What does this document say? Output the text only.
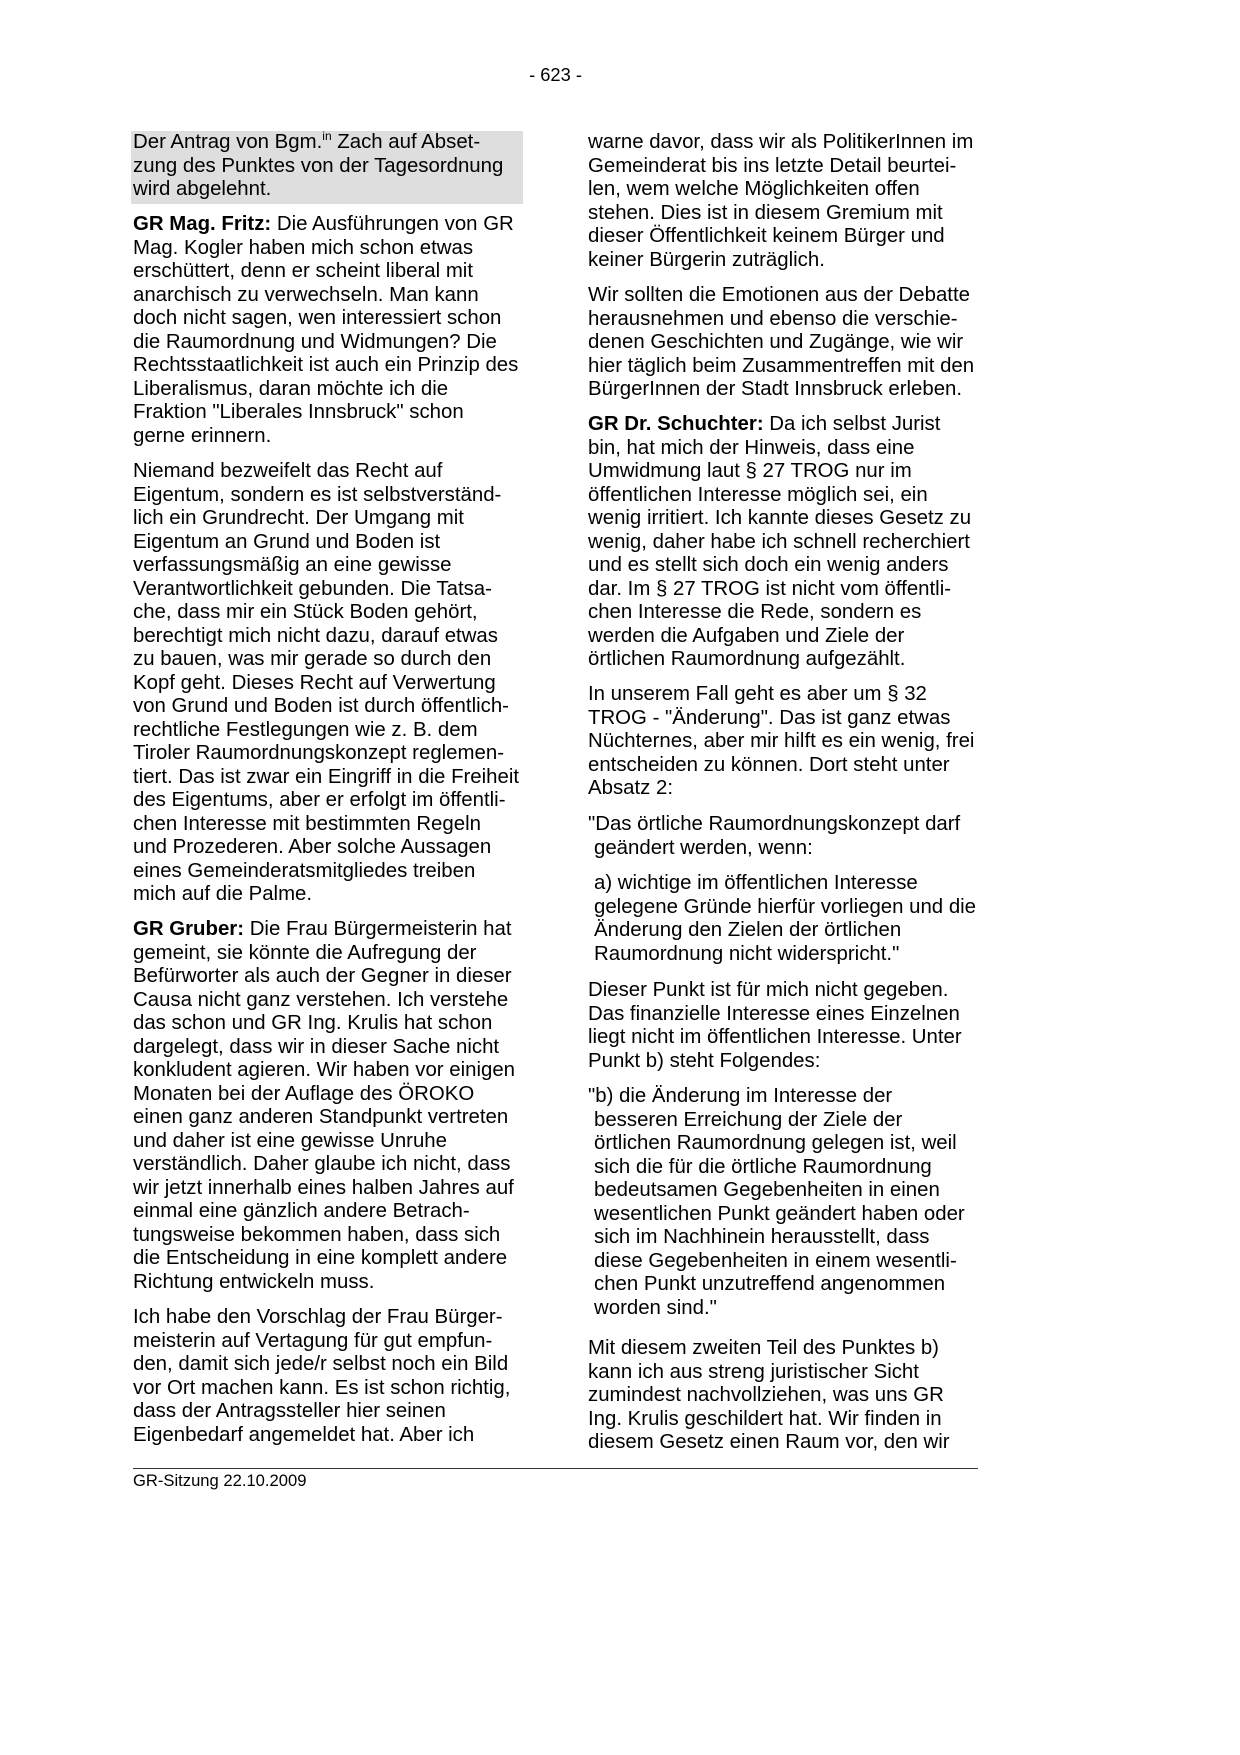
- 623 -
Der Antrag von Bgm.$^{in}$ Zach auf Abset-
zung des Punktes von der Tagesordnung
wird abgelehnt.
GR Mag. Fritz: Die Ausführungen von GR
Mag. Kogler haben mich schon etwas
erschüttert, denn er scheint liberal mit
anarchisch zu verwechseln. Man kann
doch nicht sagen, wen interessiert schon
die Raumordnung und Widmungen? Die
Rechtsstaatlichkeit ist auch ein Prinzip des
Liberalismus, daran möchte ich die
Fraktion "Liberales Innsbruck" schon
gerne erinnern.
Niemand bezweifelt das Recht auf
Eigentum, sondern es ist selbstverständ-
lich ein Grundrecht. Der Umgang mit
Eigentum an Grund und Boden ist
verfassungsmäßig an eine gewisse
Verantwortlichkeit gebunden. Die Tatsa-
che, dass mir ein Stück Boden gehört,
berechtigt mich nicht dazu, darauf etwas
zu bauen, was mir gerade so durch den
Kopf geht. Dieses Recht auf Verwertung
von Grund und Boden ist durch öffentlich-
rechtliche Festlegungen wie z. B. dem
Tiroler Raumordnungskonzept reglemen-
tiert. Das ist zwar ein Eingriff in die Freiheit
des Eigentums, aber er erfolgt im öffentli-
chen Interesse mit bestimmten Regeln
und Prozederen. Aber solche Aussagen
eines Gemeinderatsmitgliedes treiben
mich auf die Palme.
GR Gruber: Die Frau Bürgermeisterin hat
gemeint, sie könnte die Aufregung der
Befürworter als auch der Gegner in dieser
Causa nicht ganz verstehen. Ich verstehe
das schon und GR Ing. Krulis hat schon
dargelegt, dass wir in dieser Sache nicht
konkludent agieren. Wir haben vor einigen
Monaten bei der Auflage des ÖROKO
einen ganz anderen Standpunkt vertreten
und daher ist eine gewisse Unruhe
verständlich. Daher glaube ich nicht, dass
wir jetzt innerhalb eines halben Jahres auf
einmal eine gänzlich andere Betrach-
tungsweise bekommen haben, dass sich
die Entscheidung in eine komplett andere
Richtung entwickeln muss.
Ich habe den Vorschlag der Frau Bürger-
meisterin auf Vertagung für gut empfun-
den, damit sich jede/r selbst noch ein Bild
vor Ort machen kann. Es ist schon richtig,
dass der Antragssteller hier seinen
Eigenbedarf angemeldet hat. Aber ich
warne davor, dass wir als PolitikerInnen im
Gemeinderat bis ins letzte Detail beurtei-
len, wem welche Möglichkeiten offen
stehen. Dies ist in diesem Gremium mit
dieser Öffentlichkeit keinem Bürger und
keiner Bürgerin zuträglich.
Wir sollten die Emotionen aus der Debatte
herausnehmen und ebenso die verschie-
denen Geschichten und Zugänge, wie wir
hier täglich beim Zusammentreffen mit den
BürgerInnen der Stadt Innsbruck erleben.
GR Dr. Schuchter: Da ich selbst Jurist
bin, hat mich der Hinweis, dass eine
Umwidmung laut § 27 TROG nur im
öffentlichen Interesse möglich sei, ein
wenig irritiert. Ich kannte dieses Gesetz zu
wenig, daher habe ich schnell recherchiert
und es stellt sich doch ein wenig anders
dar. Im § 27 TROG ist nicht vom öffentli-
chen Interesse die Rede, sondern es
werden die Aufgaben und Ziele der
örtlichen Raumordnung aufgezählt.
In unserem Fall geht es aber um § 32
TROG - "Änderung". Das ist ganz etwas
Nüchternes, aber mir hilft es ein wenig, frei
entscheiden zu können. Dort steht unter
Absatz 2:
"Das örtliche Raumordnungskonzept darf
geändert werden, wenn:
a) wichtige im öffentlichen Interesse
gelegene Gründe hierfür vorliegen und die
Änderung den Zielen der örtlichen
Raumordnung nicht widerspricht."
Dieser Punkt ist für mich nicht gegeben.
Das finanzielle Interesse eines Einzelnen
liegt nicht im öffentlichen Interesse. Unter
Punkt b) steht Folgendes:
"b) die Änderung im Interesse der
besseren Erreichung der Ziele der
örtlichen Raumordnung gelegen ist, weil
sich die für die örtliche Raumordnung
bedeutsamen Gegebenheiten in einen
wesentlichen Punkt geändert haben oder
sich im Nachhinein herausstellt, dass
diese Gegebenheiten in einem wesentli-
chen Punkt unzutreffend angenommen
worden sind."
Mit diesem zweiten Teil des Punktes b)
kann ich aus streng juristischer Sicht
zumindest nachvollziehen, was uns GR
Ing. Krulis geschildert hat. Wir finden in
diesem Gesetz einen Raum vor, den wir
GR-Sitzung 22.10.2009
